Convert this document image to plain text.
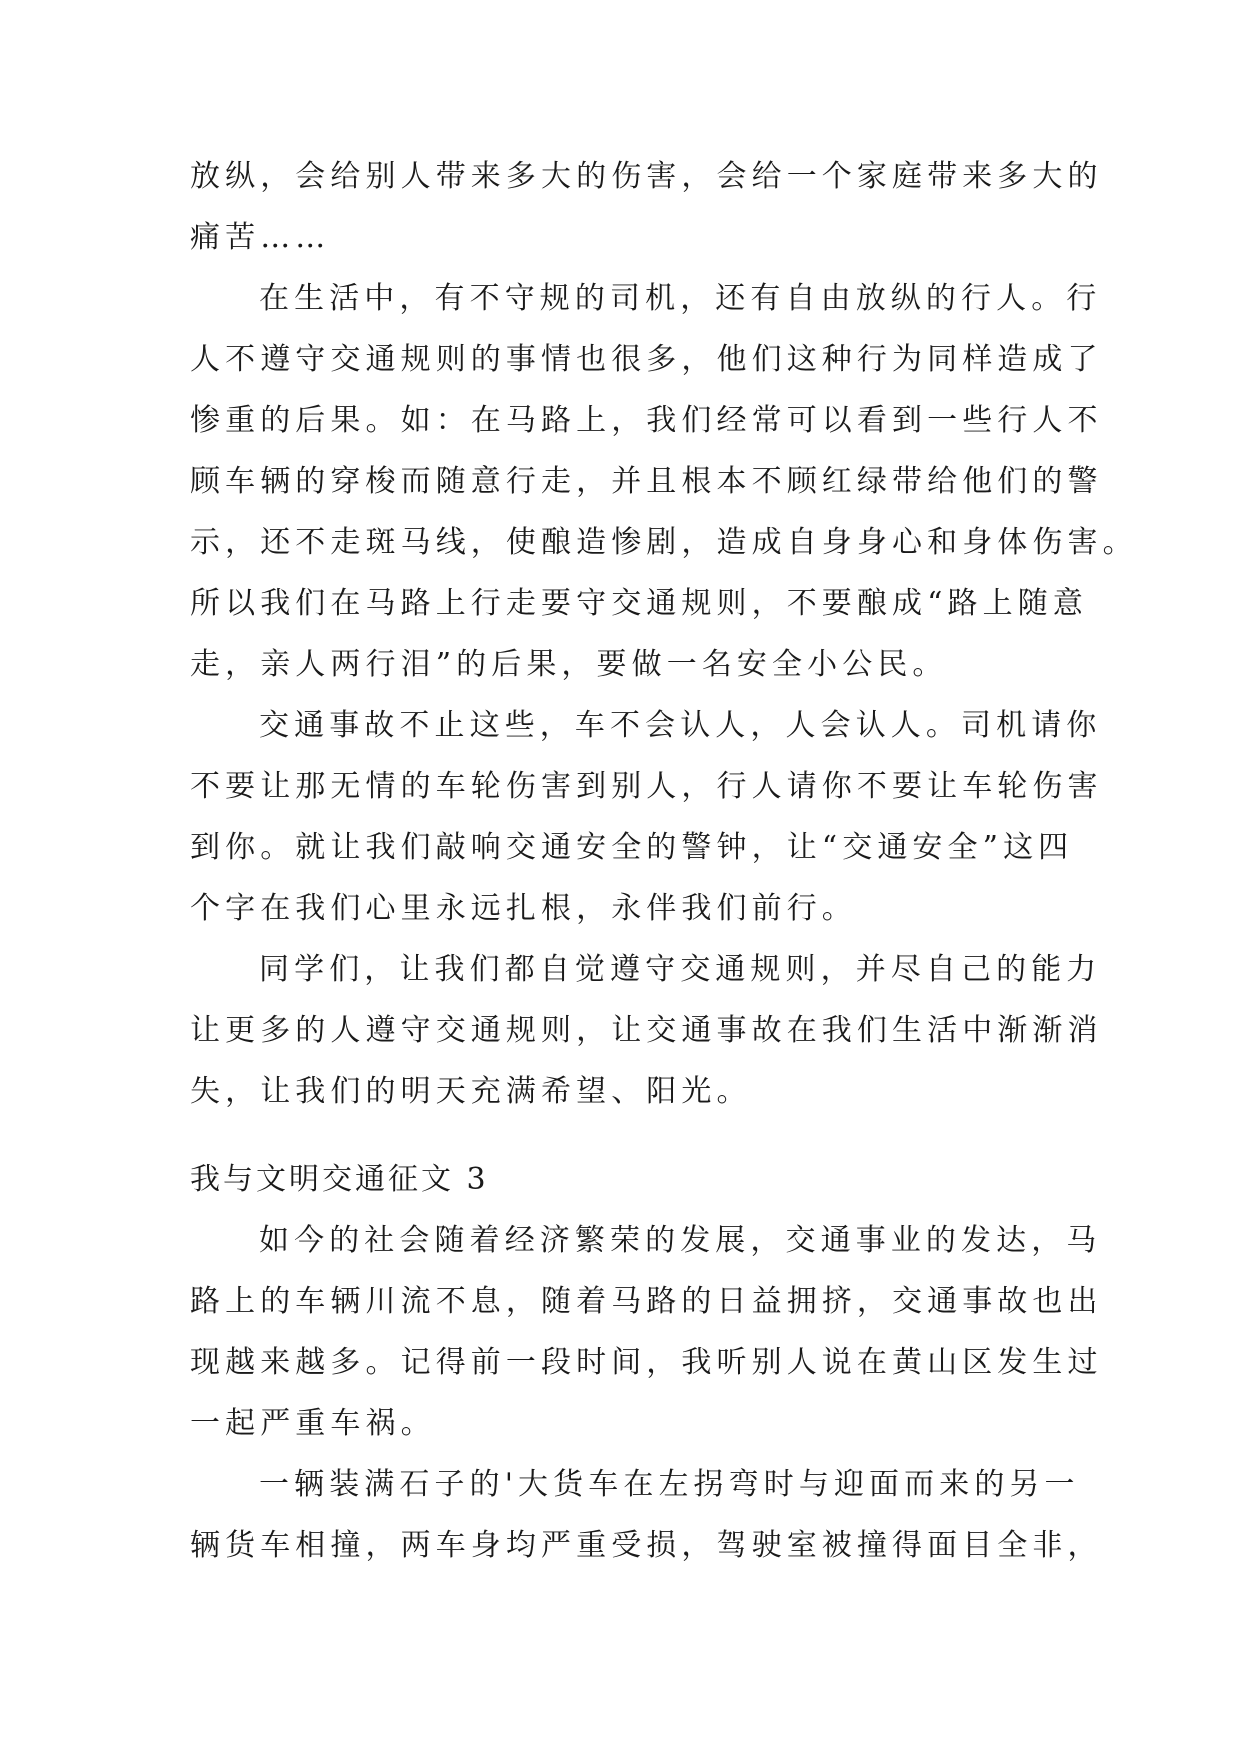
放纵，会给别人带来多大的伤害，会给一个家庭带来多大的
痛苦……
在生活中，有不守规的司机，还有自由放纵的行人。行
人不遵守交通规则的事情也很多，他们这种行为同样造成了
惨重的后果。如：在马路上，我们经常可以看到一些行人不
顾车辆的穿梭而随意行走，并且根本不顾红绿带给他们的警
示，还不走斑马线，使酿造惨剧，造成自身身心和身体伤害。
所以我们在马路上行走要守交通规则，不要酿成“路上随意
走，亲人两行泪”的后果，要做一名安全小公民。
交通事故不止这些，车不会认人，人会认人。司机请你
不要让那无情的车轮伤害到别人，行人请你不要让车轮伤害
到你。就让我们敲响交通安全的警钟，让“交通安全”这四
个字在我们心里永远扎根，永伴我们前行。
同学们，让我们都自觉遵守交通规则，并尽自己的能力
让更多的人遵守交通规则，让交通事故在我们生活中渐渐消
失，让我们的明天充满希望、阳光。
我与文明交通征文 3
如今的社会随着经济繁荣的发展，交通事业的发达，马
路上的车辆川流不息，随着马路的日益拥挤，交通事故也出
现越来越多。记得前一段时间，我听别人说在黄山区发生过
一起严重车祸。
一辆装满石子的'大货车在左拐弯时与迎面而来的另一
辆货车相撞，两车身均严重受损，驾驶室被撞得面目全非，
